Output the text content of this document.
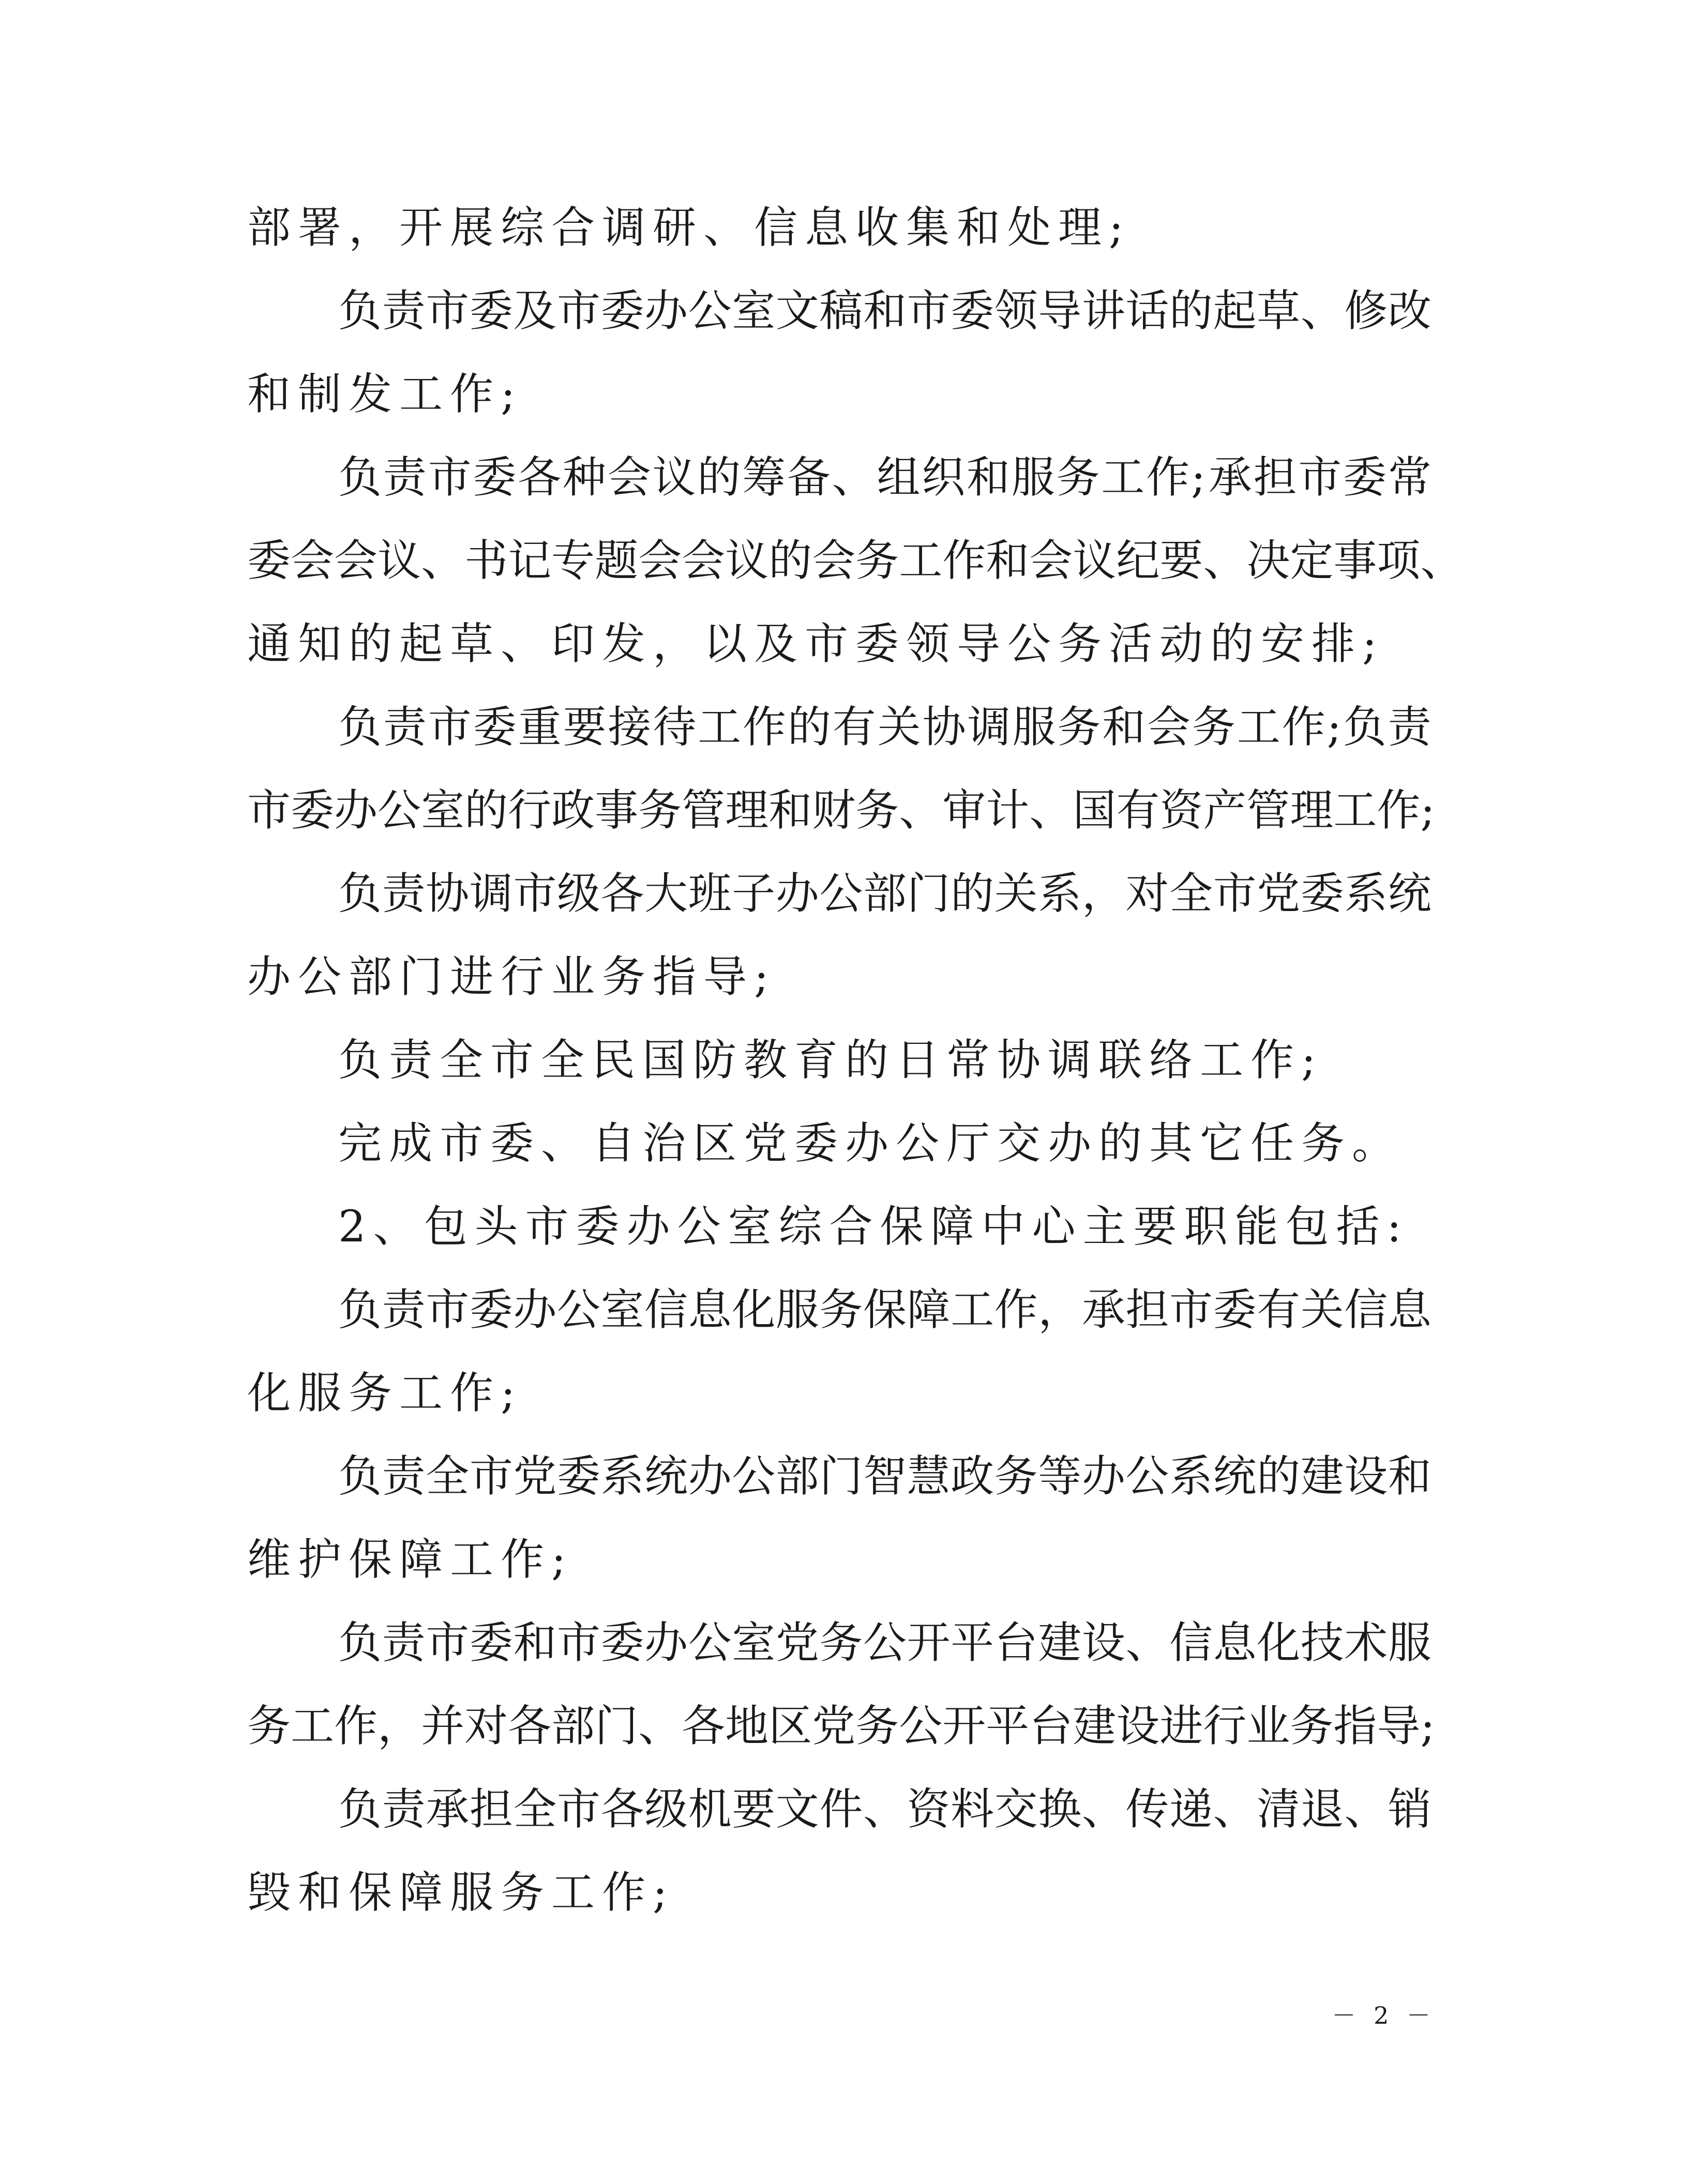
部署，开展综合调研、信息收集和处理;
负 责 市 委 及 市 委 办 公 室 文 稿 和 市 委 领 导 讲 话 的 起 草 、 修 改
和制发工作;
负 责 市 委 各 种 会 议 的 筹 备 、 组 织 和 服 务 工 作 ; 承 担 市 委 常
委 会 会 议 、 书 记 专 题 会 会 议 的 会 务 工 作 和 会 议 纪 要 、 决 定 事 项 、
通知的起草、印发，以及市委领导公务活动的安排;
负 责 市 委 重 要 接 待 工 作 的 有 关 协 调 服 务 和 会 务 工 作 ; 负 责
市 委 办 公 室 的 行 政 事 务 管 理 和 财 务 、 审 计 、 国 有 资 产 管 理 工 作 ;
负 责 协 调 市 级 各 大 班 子 办 公 部 门 的 关 系 ， 对 全 市 党 委 系 统
办公部门进行业务指导;
负责全市全民国防教育的日常协调联络工作;
完成市委、自治区党委办公厅交办的其它任务。
2、包头市委办公室综合保障中心主要职能包括:
负 责 市 委 办 公 室 信 息 化 服 务 保 障 工 作 ， 承 担 市 委 有 关 信 息
化服务工作;
负 责 全 市 党 委 系 统 办 公 部 门 智 慧 政 务 等 办 公 系 统 的 建 设 和
维护保障工作;
负 责 市 委 和 市 委 办 公 室 党 务 公 开 平 台 建 设 、 信 息 化 技 术 服
务 工 作 ， 并 对 各 部 门 、 各 地 区 党 务 公 开 平 台 建 设 进 行 业 务 指 导 ;
负 责 承 担 全 市 各 级 机 要 文 件 、 资 料 交 换 、 传 递 、 清 退 、 销
毁和保障服务工作;
－ 2 －
